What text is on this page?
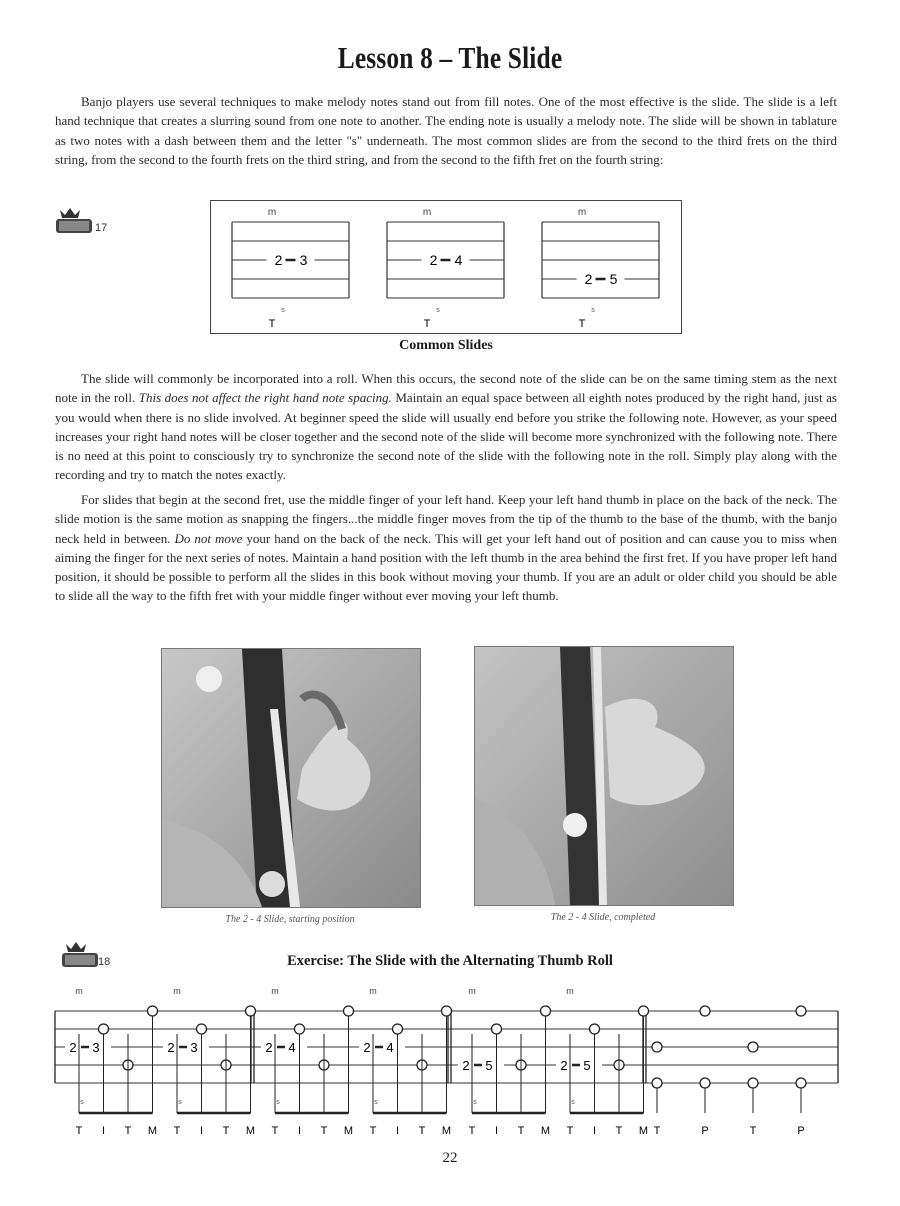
Lesson 8 – The Slide

Banjo players use several techniques to make melody notes stand out from fill notes. One of the most effective is the slide. The slide is a left hand technique that creates a slurring sound from one note to another. The ending note is usually a melody note. The slide will be shown in tablature as two notes with a dash between them and the letter "s" underneath. The most common slides are from the second to the third frets on the third string, from the second to the fourth frets on the third string, and from the second to the fifth fret on the fourth string:

17
2 3
m
T
s
2 4
m
T
s
2 5
m
T
s
Common Slides

The slide will commonly be incorporated into a roll. When this occurs, the second note of the slide can be on the same timing stem as the next note in the roll. This does not affect the right hand note spacing. Maintain an equal space between all eighth notes produced by the right hand, just as you would when there is no slide involved. At beginner speed the slide will usually end before you strike the following note. However, as your speed increases your right hand notes will be closer together and the second note of the slide will become more synchronized with the following note. There is no need at this point to consciously try to synchronize the second note of the slide with the following note in the roll. Simply play along with the recording and try to match the notes exactly.

For slides that begin at the second fret, use the middle finger of your left hand. Keep your left hand thumb in place on the back of the neck. The slide motion is the same motion as snapping the fingers...the middle finger moves from the tip of the thumb to the base of the thumb, with the banjo neck held in between. Do not move your hand on the back of the neck. This will get your left hand out of position and can cause you to miss when aiming the finger for the next series of notes. Maintain a hand position with the left thumb in the area behind the first fret. If you have proper left hand position, it should be possible to perform all the slides in this book without moving your thumb. If you are an adult or older child you should be able to slide all the way to the fifth fret with your middle finger without ever moving your left thumb.

The 2 - 4 Slide, starting position	The 2 - 4 Slide, completed
18	Exercise: The Slide with the Alternating Thumb Roll
2 3
s
m
T I T M
2 3
s
m
T I T M
2 4
s
m
T I T M
2 4
s
m
T I T M
2 5
s
m
T I T M
2 5
s
m
T I T M T	P	T	P
22
